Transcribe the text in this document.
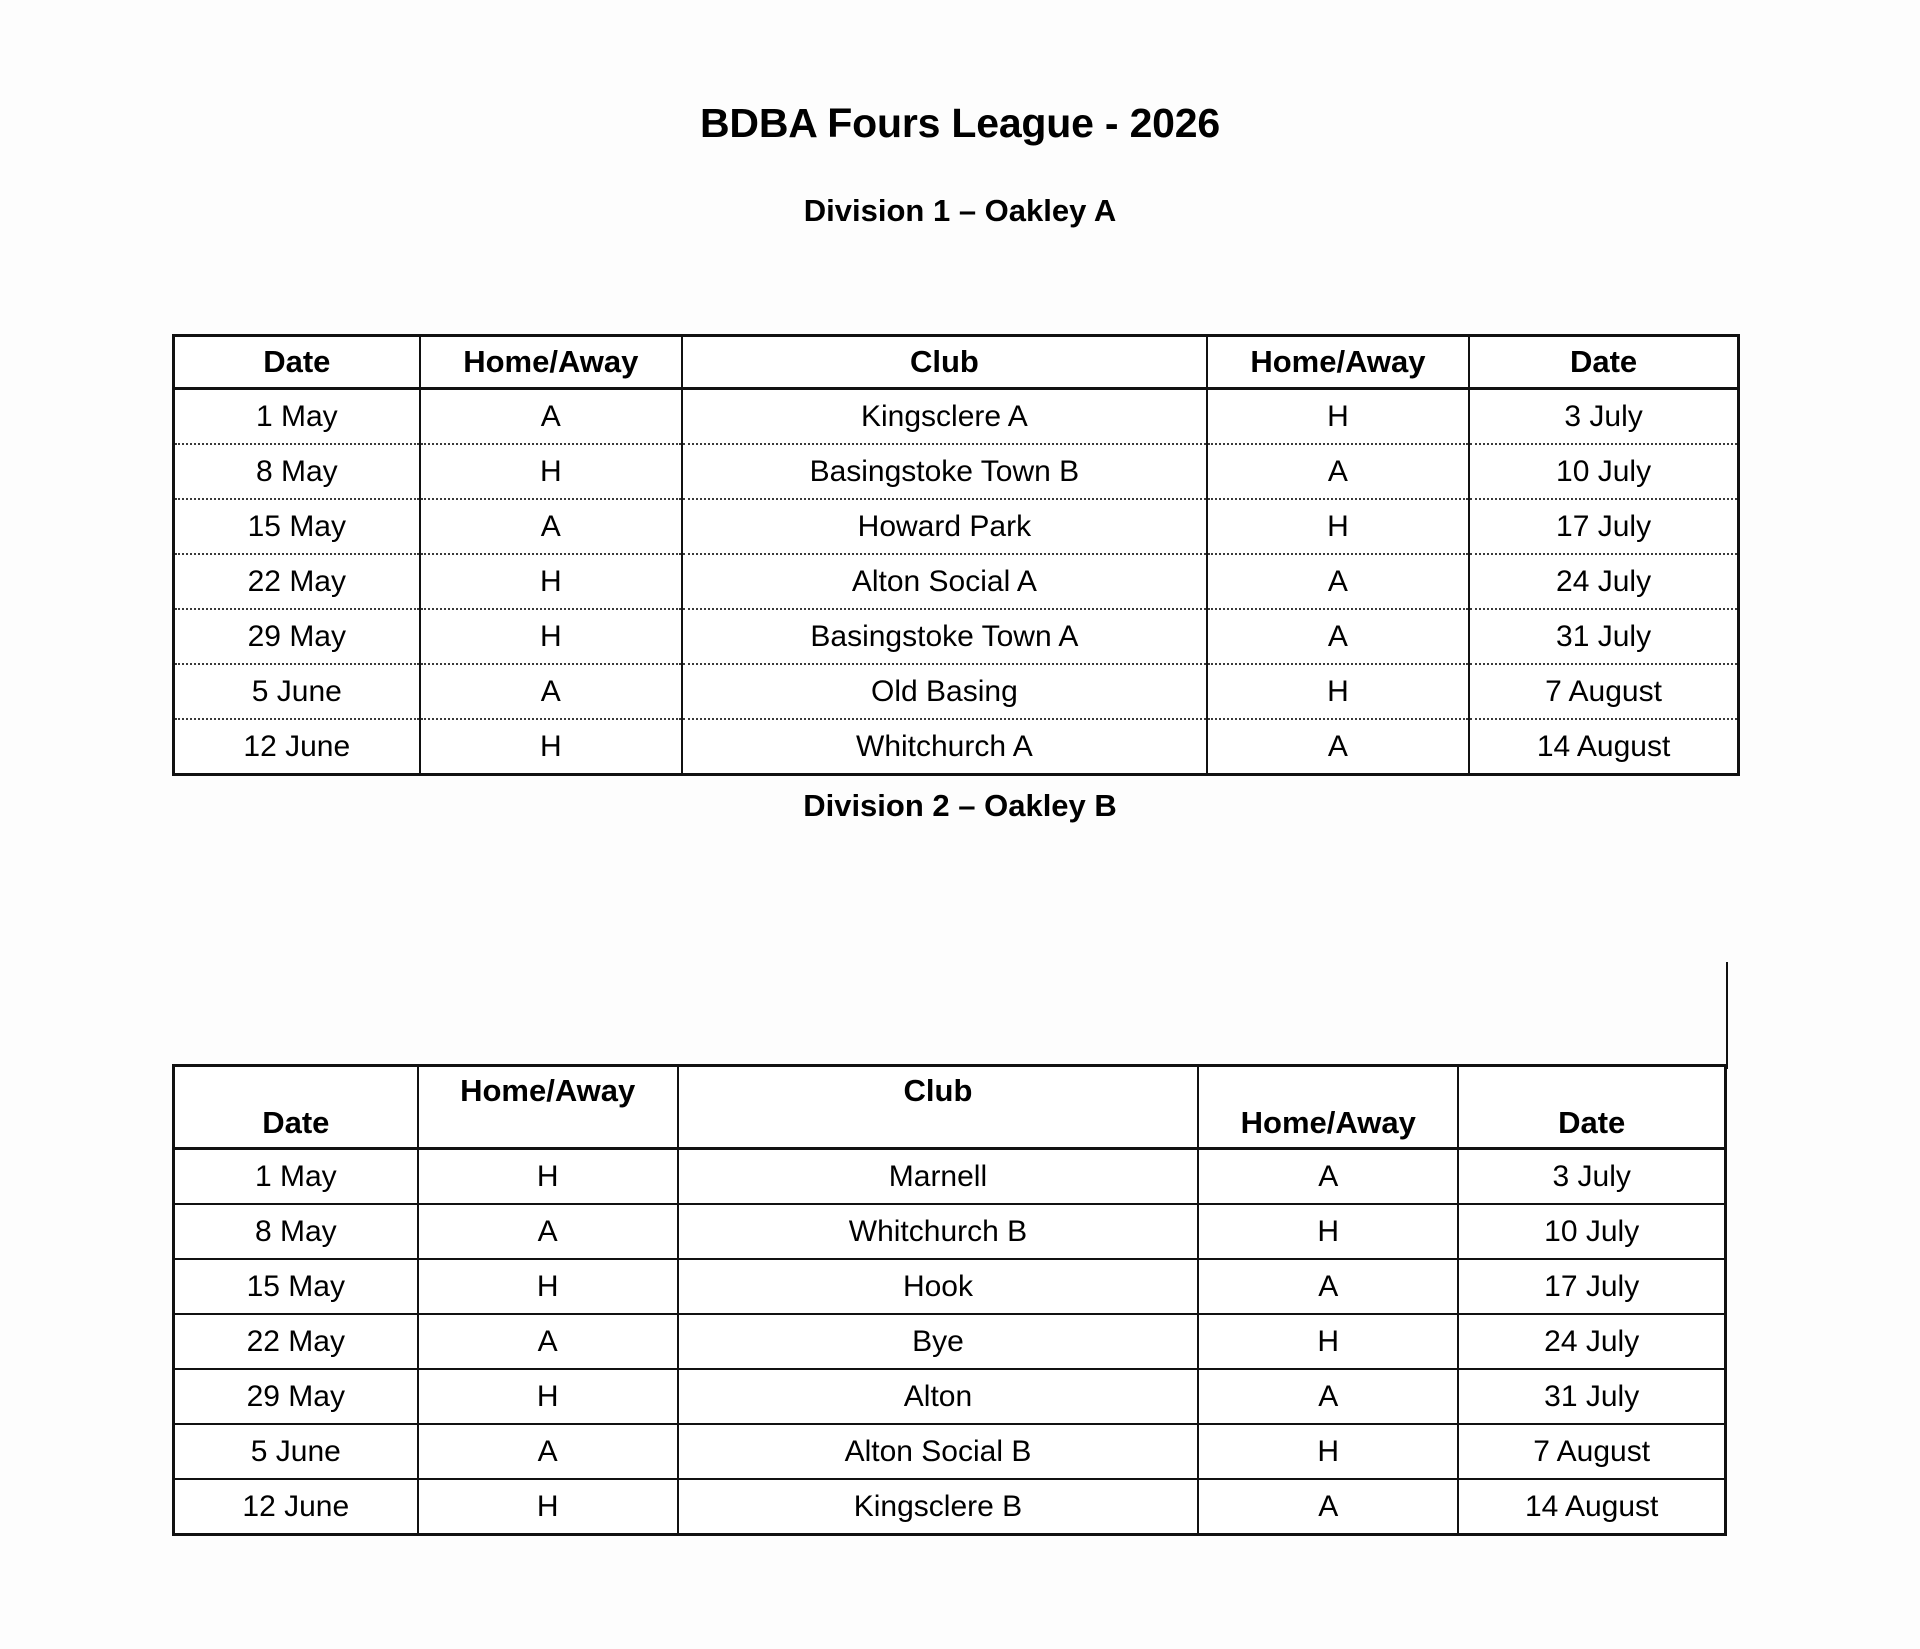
BDBA Fours League - 2026
Division 1 – Oakley A
Date	Home/Away	Club	Home/Away	Date
1 May	A	Kingsclere A	H	3 July
8 May	H	Basingstoke Town B	A	10 July
15 May	A	Howard Park	H	17 July
22 May	H	Alton Social A	A	24 July
29 May	H	Basingstoke Town A	A	31 July
5 June	A	Old Basing	H	7 August
12 June	H	Whitchurch A	A	14 August
Division 2 – Oakley B
Date	Home/Away	Club	Home/Away	Date
1 May	H	Marnell	A	3 July
8 May	A	Whitchurch B	H	10 July
15 May	H	Hook	A	17 July
22 May	A	Bye	H	24 July
29 May	H	Alton	A	31 July
5 June	A	Alton Social B	H	7 August
12 June	H	Kingsclere B	A	14 August
